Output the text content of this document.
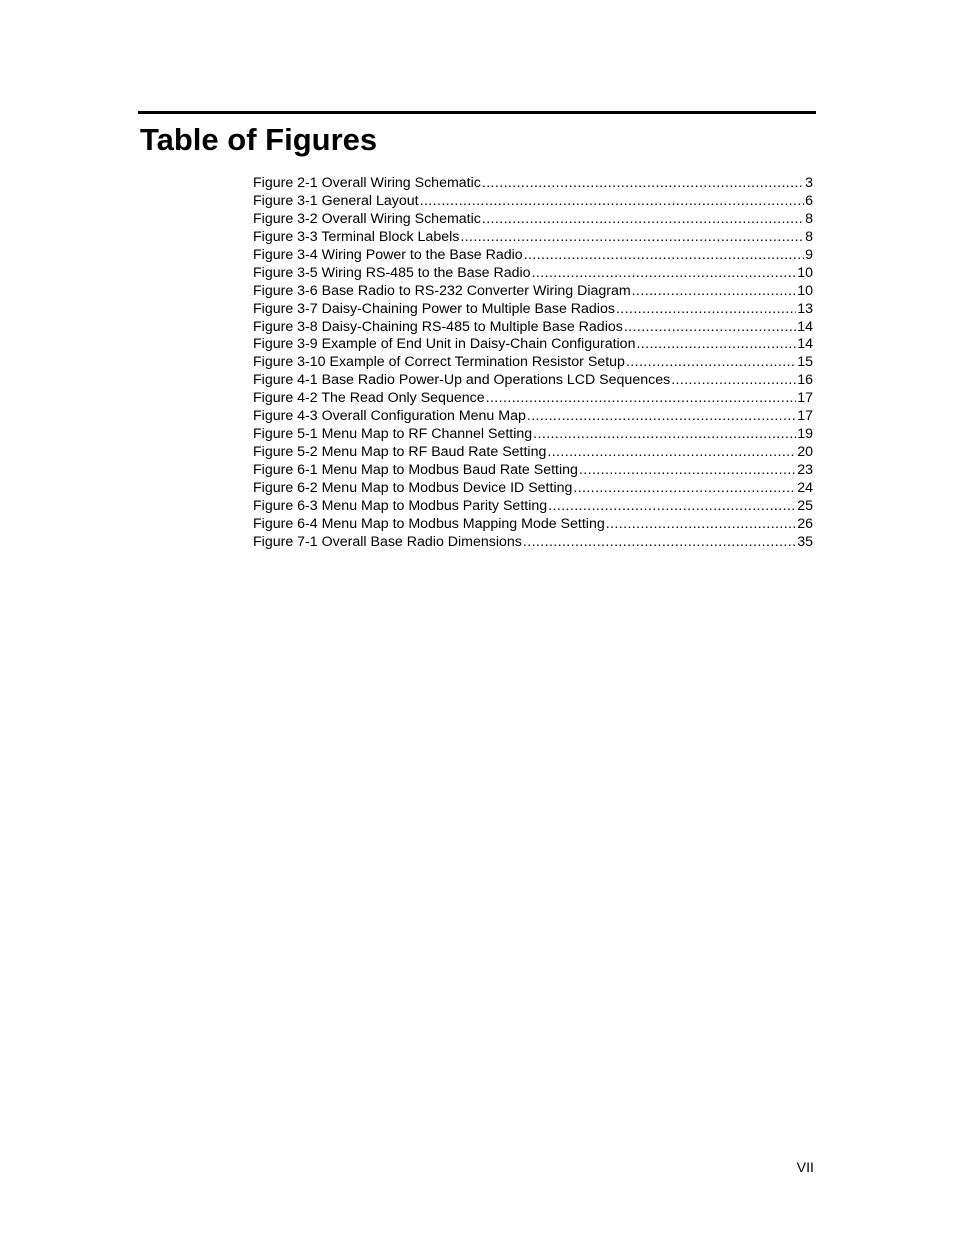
Table of Figures
Figure 2-1 Overall Wiring Schematic .....	3
Figure 3-1 General Layout .....	6
Figure 3-2 Overall Wiring Schematic .....	8
Figure 3-3 Terminal Block Labels .....	8
Figure 3-4 Wiring Power to the Base Radio .....	9
Figure 3-5 Wiring RS-485 to the Base Radio .....	10
Figure 3-6 Base Radio to RS-232 Converter Wiring Diagram .....	10
Figure 3-7 Daisy-Chaining Power to Multiple Base Radios .....	13
Figure 3-8 Daisy-Chaining RS-485 to Multiple Base Radios .....	14
Figure 3-9 Example of End Unit in Daisy-Chain Configuration .....	14
Figure 3-10 Example of Correct Termination Resistor Setup .....	15
Figure 4-1 Base Radio Power-Up and Operations LCD Sequences .....	16
Figure 4-2 The Read Only Sequence .....	17
Figure 4-3 Overall Configuration Menu Map .....	17
Figure 5-1 Menu Map to RF Channel Setting .....	19
Figure 5-2 Menu Map to RF Baud Rate Setting .....	20
Figure 6-1 Menu Map to Modbus Baud Rate Setting .....	23
Figure 6-2 Menu Map to Modbus Device ID Setting .....	24
Figure 6-3 Menu Map to Modbus Parity Setting .....	25
Figure 6-4 Menu Map to Modbus Mapping Mode Setting .....	26
Figure 7-1 Overall Base Radio Dimensions .....	35
VII
